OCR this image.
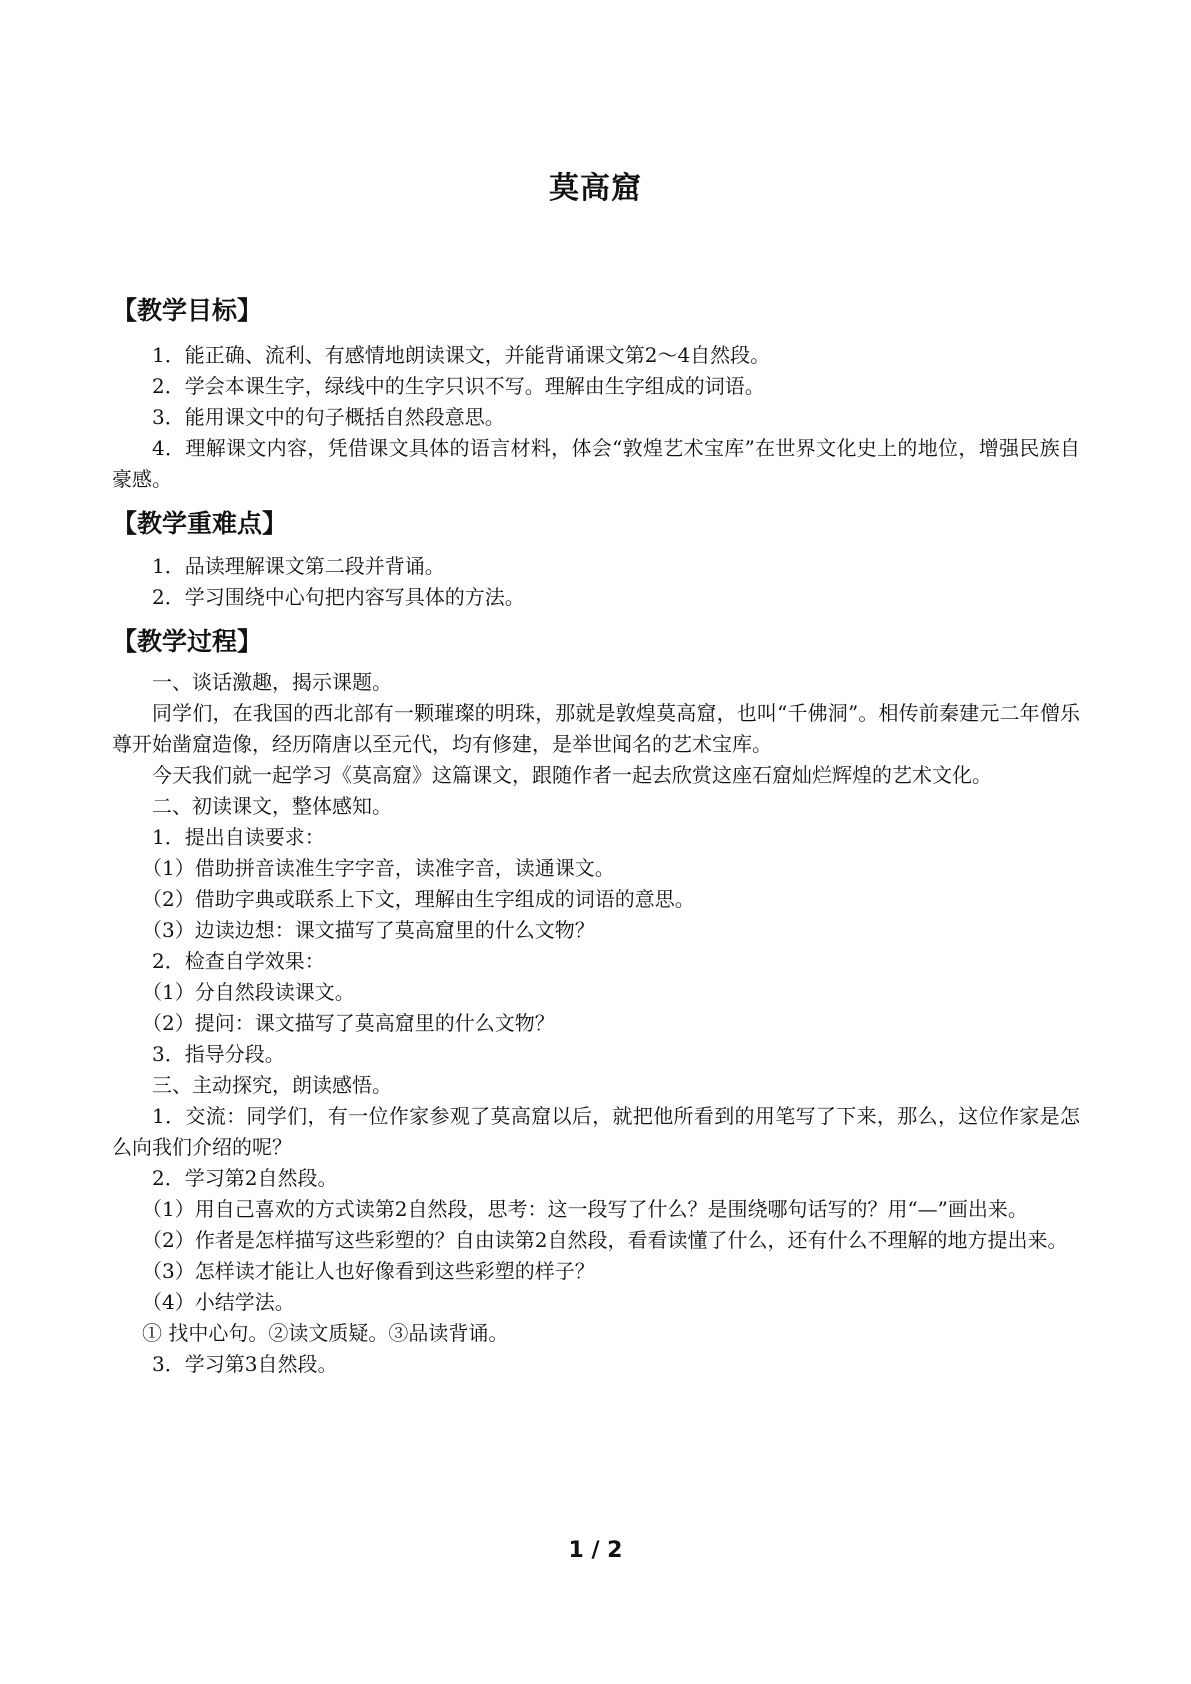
莫高窟
【教学目标】

1．能正确、流利、有感情地朗读课文，并能背诵课文第2～4自然段。

2．学会本课生字，绿线中的生字只识不写。理解由生字组成的词语。

3．能用课文中的句子概括自然段意思。

4．理解课文内容，凭借课文具体的语言材料，体会“敦煌艺术宝库”在世界文化史上的地位，增强民族自豪感。

【教学重难点】

1．品读理解课文第二段并背诵。

2．学习围绕中心句把内容写具体的方法。

【教学过程】

一、谈话激趣，揭示课题。

同学们，在我国的西北部有一颗璀璨的明珠，那就是敦煌莫高窟，也叫“千佛洞”。相传前秦建元二年僧乐尊开始凿窟造像，经历隋唐以至元代，均有修建，是举世闻名的艺术宝库。

今天我们就一起学习《莫高窟》这篇课文，跟随作者一起去欣赏这座石窟灿烂辉煌的艺术文化。

二、初读课文，整体感知。

1．提出自读要求：

（1）借助拼音读准生字字音，读准字音，读通课文。

（2）借助字典或联系上下文，理解由生字组成的词语的意思。

（3）边读边想：课文描写了莫高窟里的什么文物？

2．检查自学效果：

（1）分自然段读课文。

（2）提问：课文描写了莫高窟里的什么文物？

3．指导分段。

三、主动探究，朗读感悟。

1．交流：同学们，有一位作家参观了莫高窟以后，就把他所看到的用笔写了下来，那么，这位作家是怎么向我们介绍的呢？

2．学习第2自然段。

（1）用自己喜欢的方式读第2自然段，思考：这一段写了什么？是围绕哪句话写的？用“—”画出来。

（2）作者是怎样描写这些彩塑的？自由读第2自然段，看看读懂了什么，还有什么不理解的地方提出来。

（3）怎样读才能让人也好像看到这些彩塑的样子？

（4）小结学法。

① 找中心句。②读文质疑。③品读背诵。

3．学习第3自然段。

1 / 2
